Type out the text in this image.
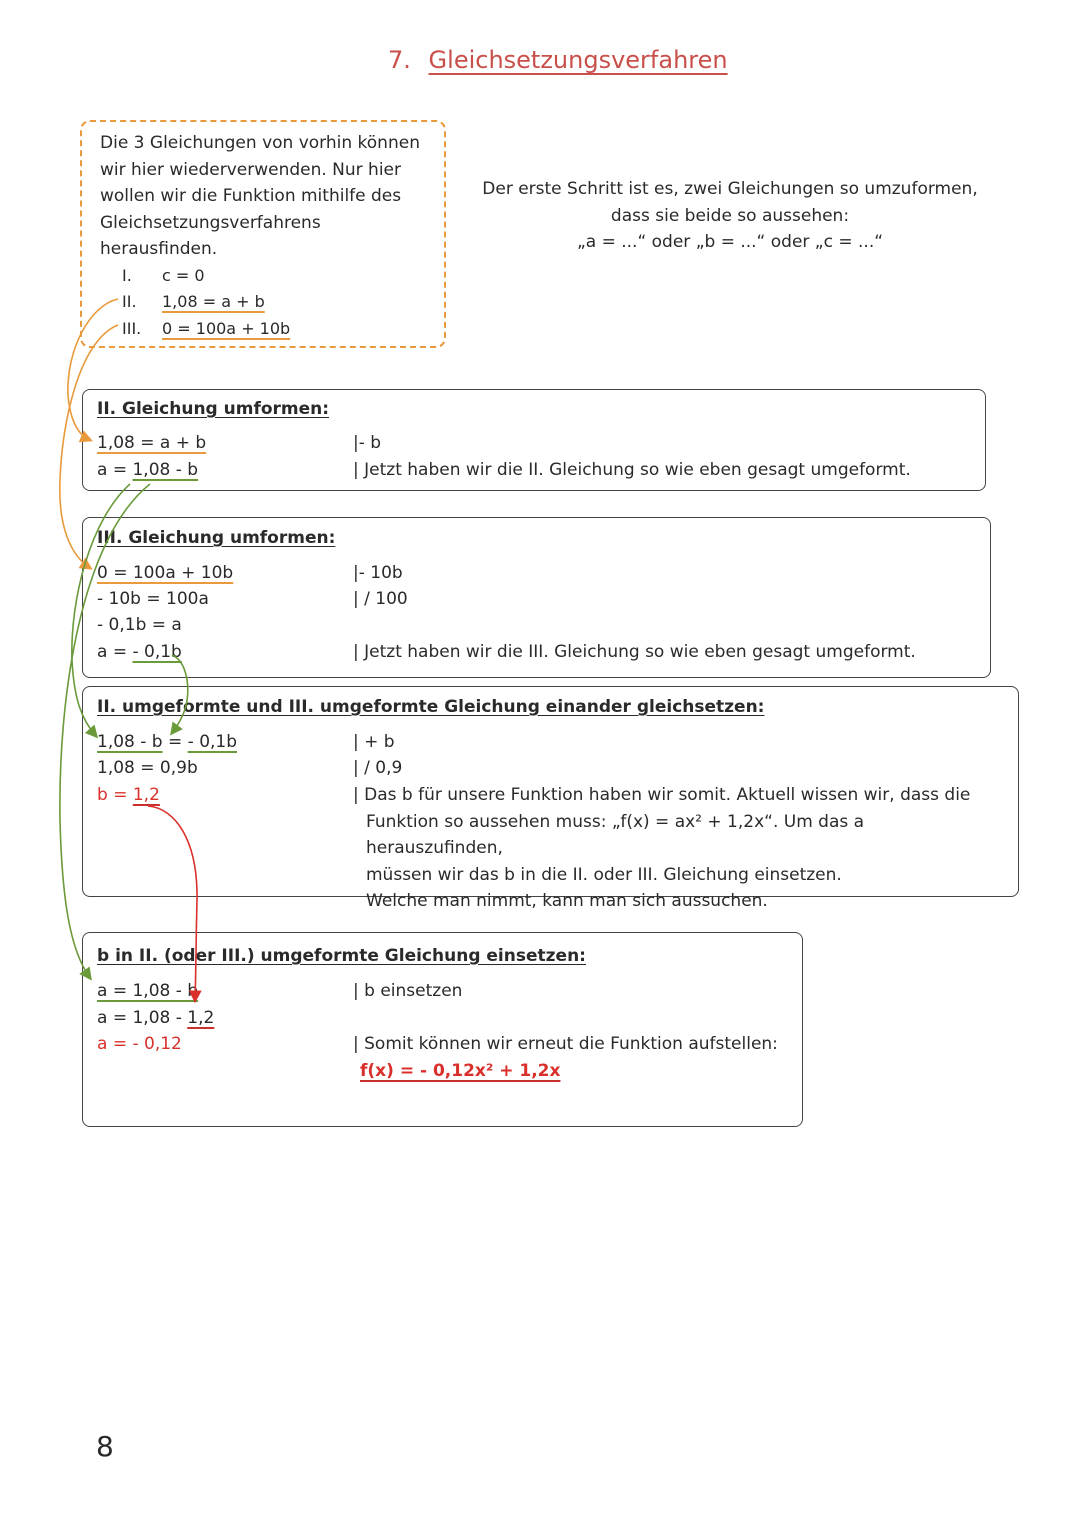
7. Gleichsetzungsverfahren
Die 3 Gleichungen von vorhin können
wir hier wiederverwenden. Nur hier
wollen wir die Funktion mithilfe des
Gleichsetzungsverfahrens
herausfinden.
I. c = 0
II. 1,08 = a + b
III. 0 = 100a + 10b
Der erste Schritt ist es, zwei Gleichungen so umzuformen,
dass sie beide so aussehen:
„a = ...“ oder „b = ...“ oder „c = ...“
II. Gleichung umformen:
1,08 = a + b
a = 1,08 - b
|- b
| Jetzt haben wir die II. Gleichung so wie eben gesagt umgeformt.
III. Gleichung umformen:
0 = 100a + 10b
- 10b = 100a
- 0,1b = a
a = - 0,1b
|- 10b
| / 100
| Jetzt haben wir die III. Gleichung so wie eben gesagt umgeformt.
II. umgeformte und III. umgeformte Gleichung einander gleichsetzen:
1,08 - b = - 0,1b
1,08 = 0,9b
b = 1,2
| + b
| / 0,9
| Das b für unsere Funktion haben wir somit. Aktuell wissen wir, dass die
Funktion so aussehen muss: „f(x) = ax² + 1,2x“. Um das a herauszufinden,
müssen wir das b in die II. oder III. Gleichung einsetzen.
Welche man nimmt, kann man sich aussuchen.
b in II. (oder III.) umgeformte Gleichung einsetzen:
a = 1,08 - b
a = 1,08 - 1,2
a = - 0,12
| b einsetzen
| Somit können wir erneut die Funktion aufstellen:
f(x) = - 0,12x² + 1,2x
8
